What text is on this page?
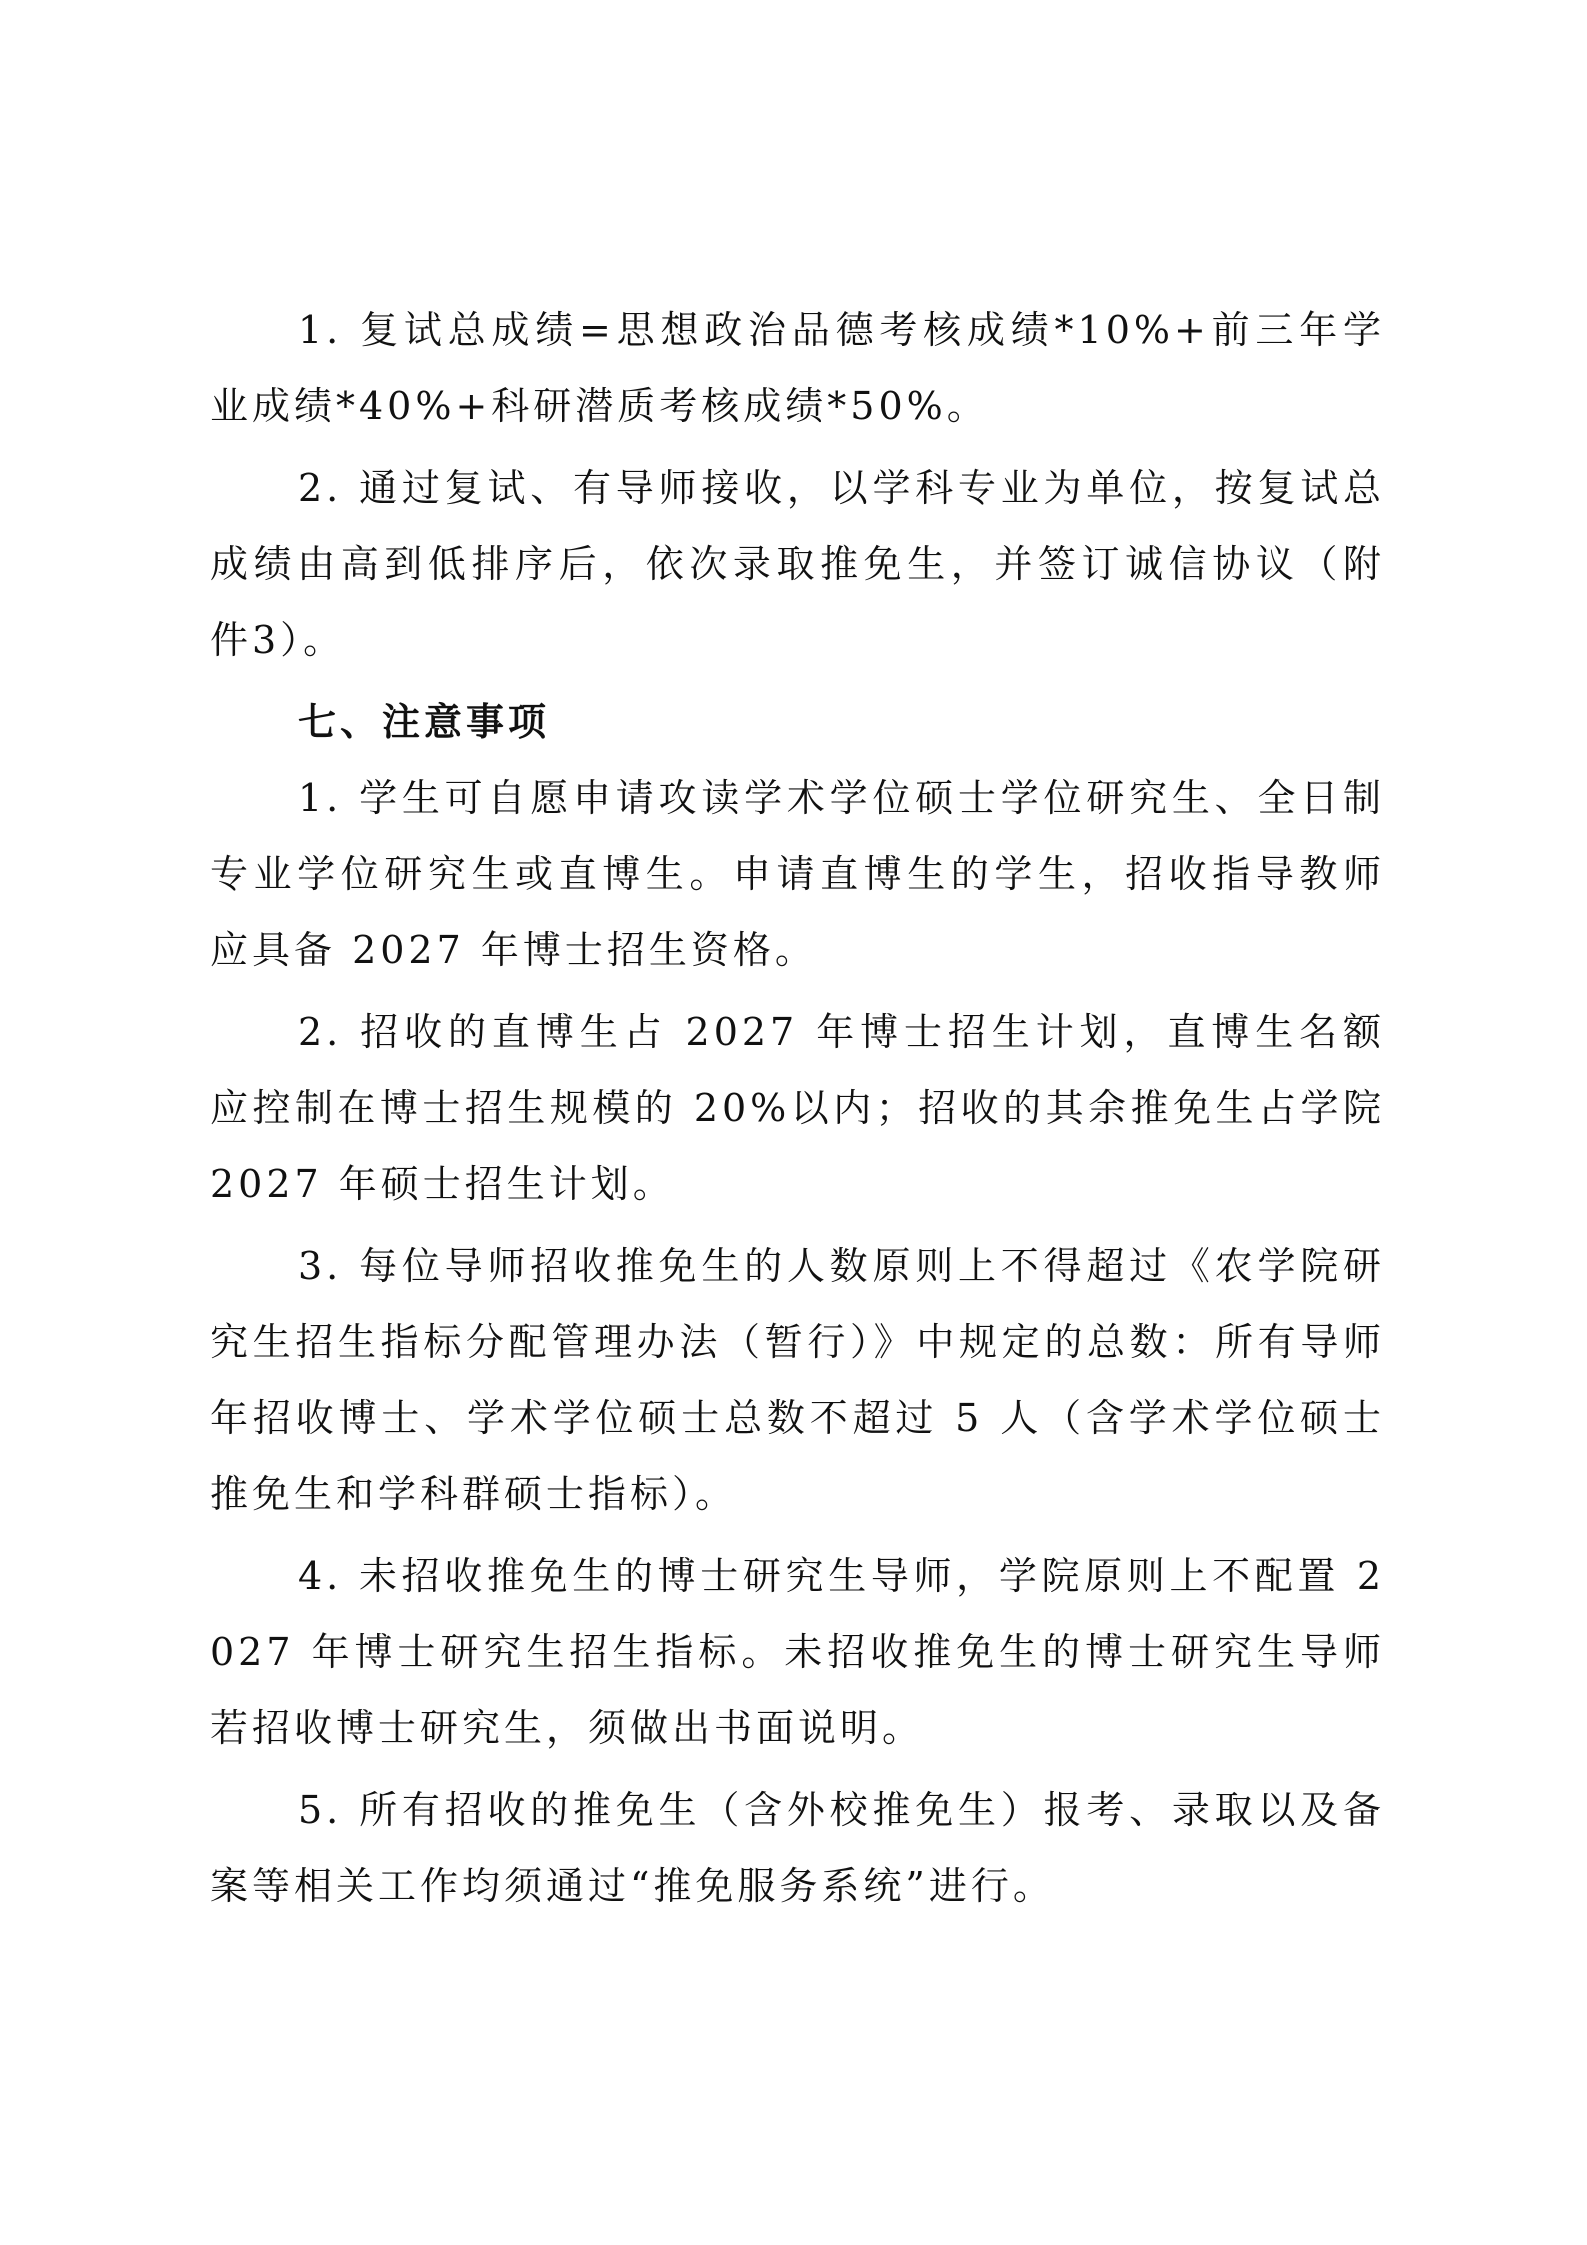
1. 复试总成绩=思想政治品德考核成绩*10%+前三年学业成绩*40%+科研潜质考核成绩*50%。

2. 通过复试、有导师接收，以学科专业为单位，按复试总成绩由高到低排序后，依次录取推免生，并签订诚信协议（附件3）。

七、注意事项

1. 学生可自愿申请攻读学术学位硕士学位研究生、全日制专业学位研究生或直博生。申请直博生的学生，招收指导教师应具备 2027 年博士招生资格。

2. 招收的直博生占 2027 年博士招生计划，直博生名额应控制在博士招生规模的 20%以内；招收的其余推免生占学院 2027 年硕士招生计划。

3. 每位导师招收推免生的人数原则上不得超过《农学院研究生招生指标分配管理办法（暂行）》中规定的总数：所有导师年招收博士、学术学位硕士总数不超过 5 人（含学术学位硕士推免生和学科群硕士指标）。

4. 未招收推免生的博士研究生导师，学院原则上不配置 2027 年博士研究生招生指标。未招收推免生的博士研究生导师若招收博士研究生，须做出书面说明。

5. 所有招收的推免生（含外校推免生）报考、录取以及备案等相关工作均须通过“推免服务系统”进行。
